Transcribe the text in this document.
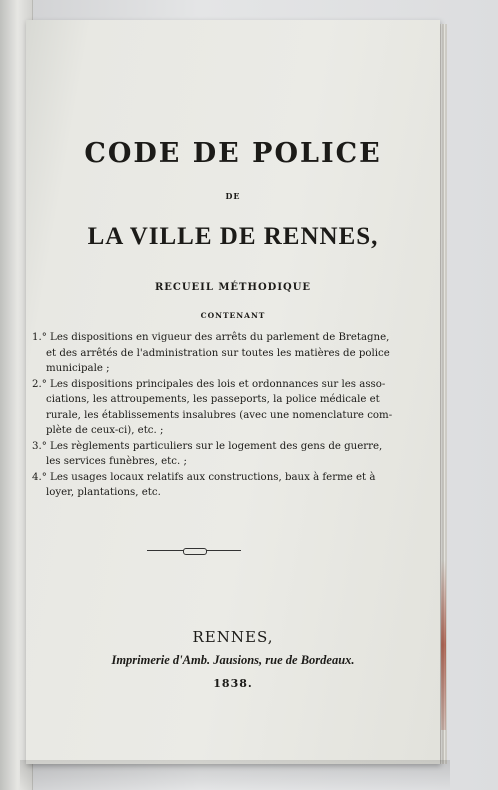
CODE DE POLICE
DE
LA VILLE DE RENNES,
RECUEIL MÉTHODIQUE
CONTENANT
1.° Les dispositions en vigueur des arrêts du parlement de Bretagne,
et des arrêtés de l'administration sur toutes les matières de police
municipale ;
2.° Les dispositions principales des lois et ordonnances sur les asso-
ciations, les attroupements, les passeports, la police médicale et
rurale, les établissements insalubres (avec une nomenclature com-
plète de ceux-ci), etc. ;
3.° Les règlements particuliers sur le logement des gens de guerre,
les services funèbres, etc. ;
4.° Les usages locaux relatifs aux constructions, baux à ferme et à
loyer, plantations, etc.
RENNES,
Imprimerie d'Amb. Jausions, rue de Bordeaux.
1838.
